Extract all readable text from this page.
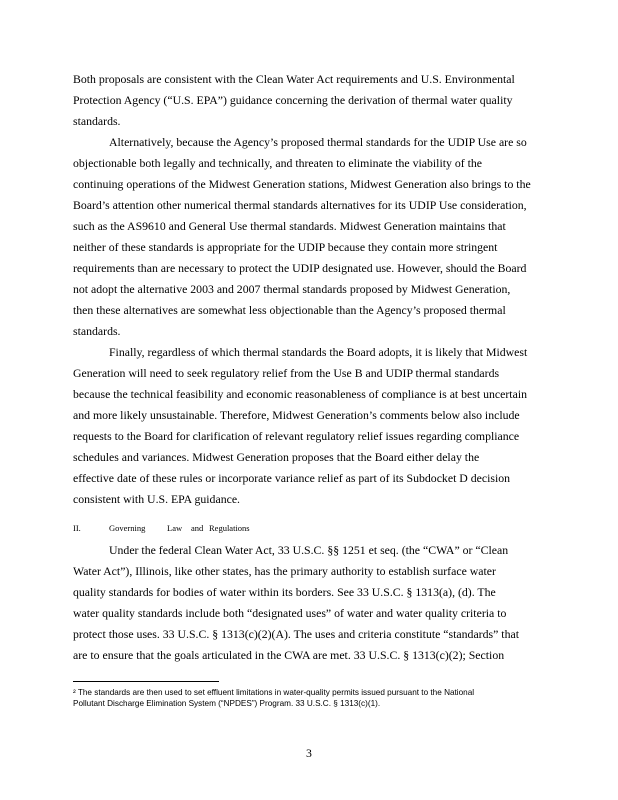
Both proposals are consistent with the Clean Water Act requirements and U.S. Environmental
Protection Agency (“U.S. EPA”) guidance concerning the derivation of thermal water quality
standards.
Alternatively, because the Agency’s proposed thermal standards for the UDIP Use are so
objectionable both legally and technically, and threaten to eliminate the viability of the
continuing operations of the Midwest Generation stations, Midwest Generation also brings to the
Board’s attention other numerical thermal standards alternatives for its UDIP Use consideration,
such as the AS9610 and General Use thermal standards. Midwest Generation maintains that
neither of these standards is appropriate for the UDIP because they contain more stringent
requirements than are necessary to protect the UDIP designated use. However, should the Board
not adopt the alternative 2003 and 2007 thermal standards proposed by Midwest Generation,
then these alternatives are somewhat less objectionable than the Agency’s proposed thermal
standards.
Finally, regardless of which thermal standards the Board adopts, it is likely that Midwest
Generation will need to seek regulatory relief from the Use B and UDIP thermal standards
because the technical feasibility and economic reasonableness of compliance is at best uncertain
and more likely unsustainable. Therefore, Midwest Generation’s comments below also include
requests to the Board for clarification of relevant regulatory relief issues regarding compliance
schedules and variances. Midwest Generation proposes that the Board either delay the
effective date of these rules or incorporate variance relief as part of its Subdocket D decision
consistent with U.S. EPA guidance.
II.	Governing	Law and Regulations
Under the federal Clean Water Act, 33 U.S.C. §§ 1251 et seq. (the “CWA” or “Clean
Water Act”), Illinois, like other states, has the primary authority to establish surface water
quality standards for bodies of water within its borders. See 33 U.S.C. § 1313(a), (d). The
water quality standards include both “designated uses” of water and water quality criteria to
protect those uses. 33 U.S.C. § 1313(c)(2)(A). The uses and criteria constitute “standards” that
are to ensure that the goals articulated in the CWA are met. 33 U.S.C. § 1313(c)(2); Section
² The standards are then used to set effluent limitations in water-quality permits issued pursuant to the National
Pollutant Discharge Elimination System (“NPDES”) Program. 33 U.S.C. § 1313(c)(1).
3
